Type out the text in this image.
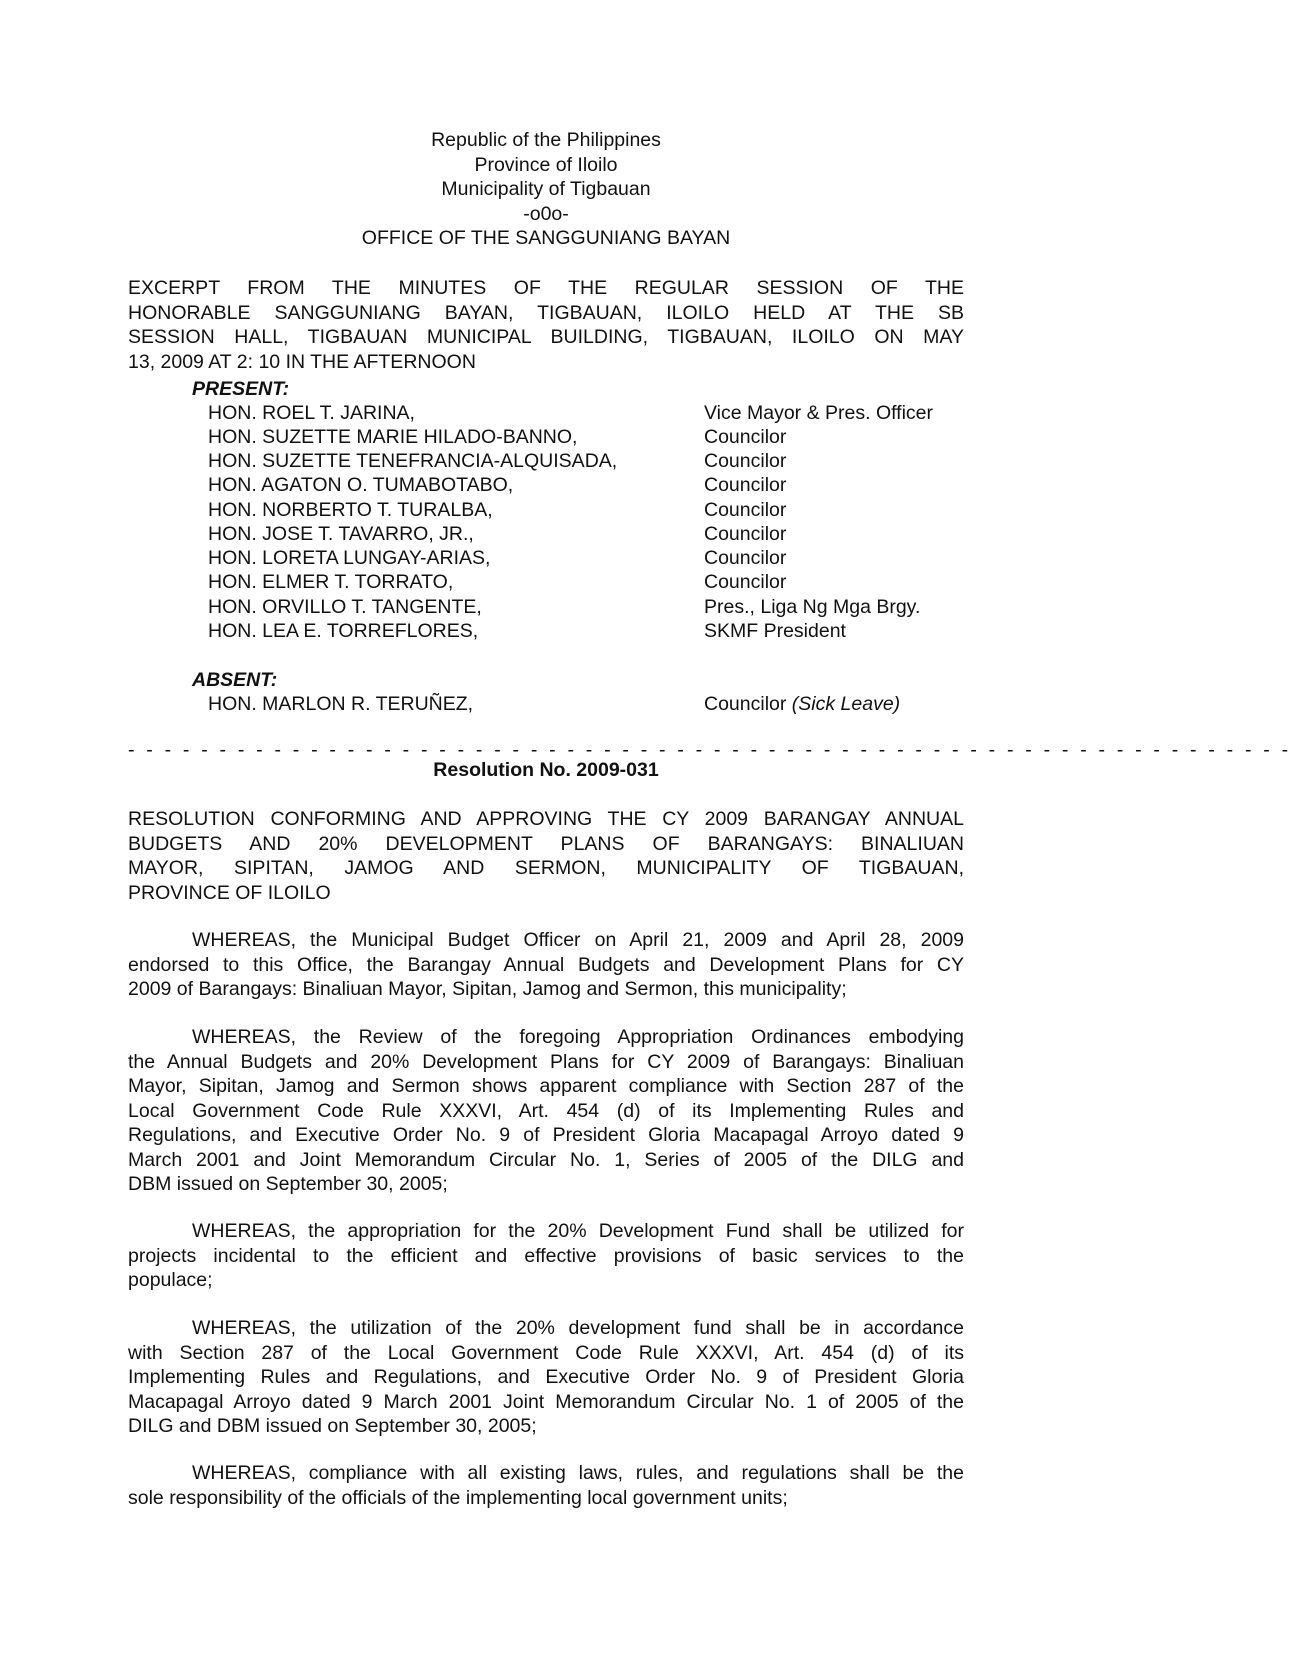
Republic of the Philippines
Province of Iloilo
Municipality of Tigbauan
-o0o-
OFFICE OF THE SANGGUNIANG BAYAN
EXCERPT FROM THE MINUTES OF THE REGULAR SESSION OF THE
HONORABLE SANGGUNIANG BAYAN, TIGBAUAN, ILOILO HELD AT THE SB
SESSION HALL, TIGBAUAN MUNICIPAL BUILDING, TIGBAUAN, ILOILO ON MAY
13, 2009 AT 2: 10 IN THE AFTERNOON
PRESENT:
HON. ROEL T. JARINA,	Vice Mayor & Pres. Officer
HON. SUZETTE MARIE HILADO-BANNO,	Councilor
HON. SUZETTE TENEFRANCIA-ALQUISADA,	Councilor
HON. AGATON O. TUMABOTABO,	Councilor
HON. NORBERTO T. TURALBA,	Councilor
HON. JOSE T. TAVARRO, JR.,	Councilor
HON. LORETA LUNGAY-ARIAS,	Councilor
HON. ELMER T. TORRATO,	Councilor
HON. ORVILLO T. TANGENTE,	Pres., Liga Ng Mga Brgy.
HON. LEA E. TORREFLORES,	SKMF President
ABSENT:
HON. MARLON R. TERUÑEZ,	Councilor (Sick Leave)
- - - - - - - - - - - - - - - - - - - - - - - - - - - - - - - - - - - - - - - - - - - - - - - - - - - - - - - - - - - - - - - -
Resolution No. 2009-031
RESOLUTION CONFORMING AND APPROVING THE CY 2009 BARANGAY ANNUAL
BUDGETS AND 20% DEVELOPMENT PLANS OF BARANGAYS: BINALIUAN
MAYOR, SIPITAN, JAMOG AND SERMON, MUNICIPALITY OF TIGBAUAN,
PROVINCE OF ILOILO
WHEREAS, the Municipal Budget Officer on April 21, 2009 and April 28, 2009
endorsed to this Office, the Barangay Annual Budgets and Development Plans for CY
2009 of Barangays: Binaliuan Mayor, Sipitan, Jamog and Sermon, this municipality;
WHEREAS, the Review of the foregoing Appropriation Ordinances embodying
the Annual Budgets and 20% Development Plans for CY 2009 of Barangays: Binaliuan
Mayor, Sipitan, Jamog and Sermon shows apparent compliance with Section 287 of the
Local Government Code Rule XXXVI, Art. 454 (d) of its Implementing Rules and
Regulations, and Executive Order No. 9 of President Gloria Macapagal Arroyo dated 9
March 2001 and Joint Memorandum Circular No. 1, Series of 2005 of the DILG and
DBM issued on September 30, 2005;
WHEREAS, the appropriation for the 20% Development Fund shall be utilized for
projects incidental to the efficient and effective provisions of basic services to the
populace;
WHEREAS, the utilization of the 20% development fund shall be in accordance
with Section 287 of the Local Government Code Rule XXXVI, Art. 454 (d) of its
Implementing Rules and Regulations, and Executive Order No. 9 of President Gloria
Macapagal Arroyo dated 9 March 2001 Joint Memorandum Circular No. 1 of 2005 of the
DILG and DBM issued on September 30, 2005;
WHEREAS, compliance with all existing laws, rules, and regulations shall be the
sole responsibility of the officials of the implementing local government units;
